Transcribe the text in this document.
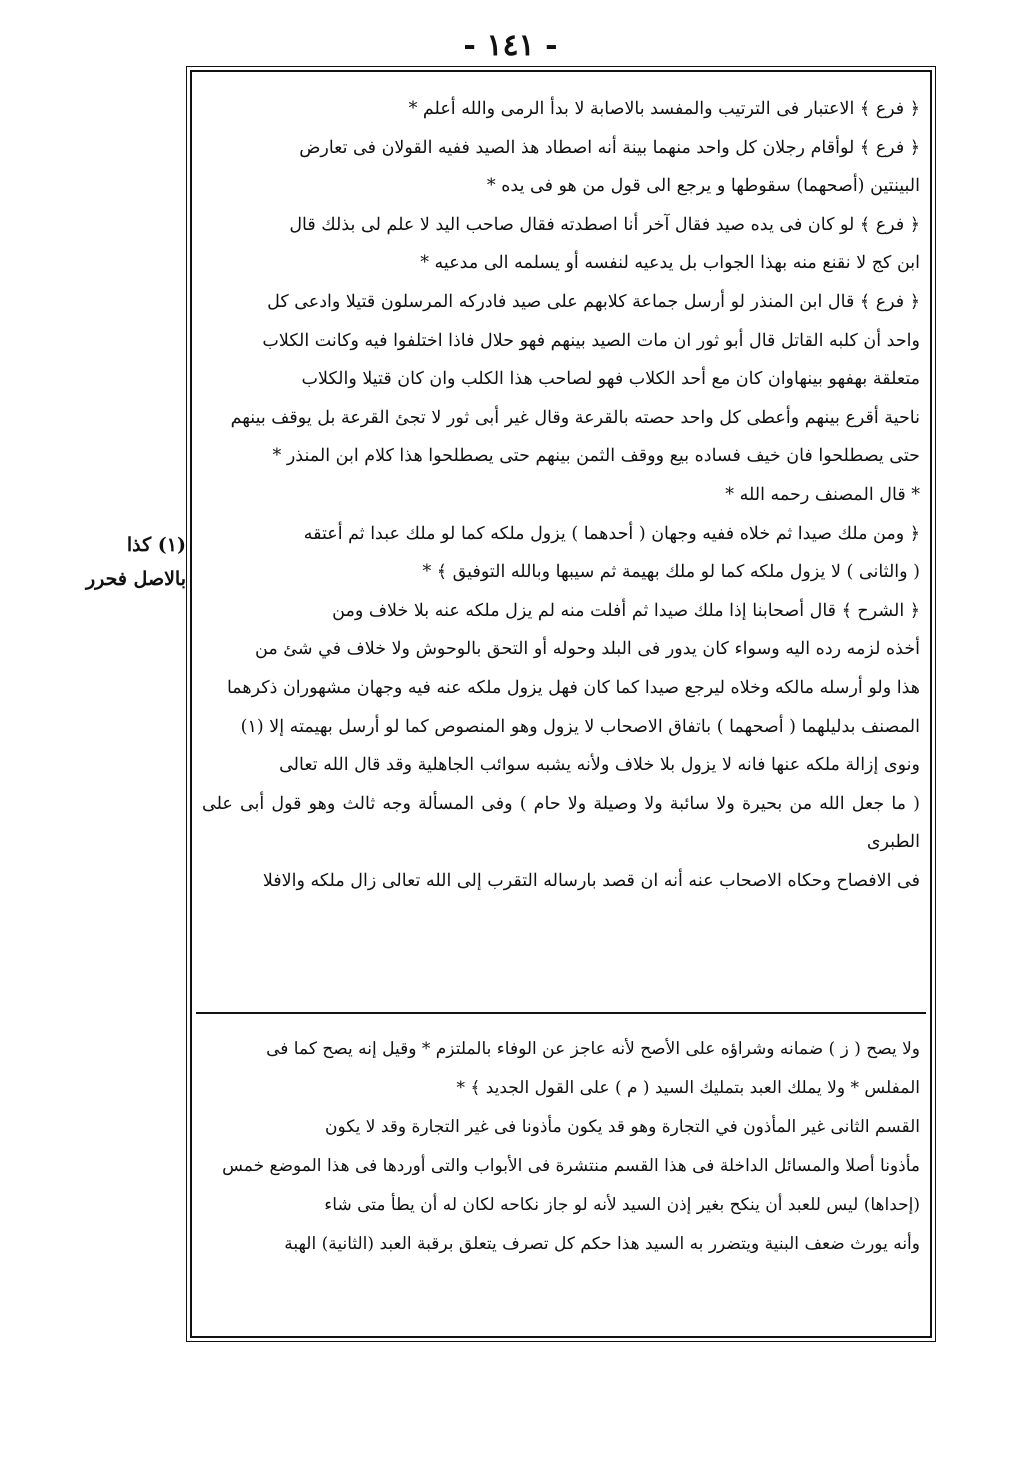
- ١٤١ -

(١) كذا

بالاصل فحرر

﴿ فرع ﴾ الاعتبار فى الترتيب والمفسد بالاصابة لا بدأ الرمى والله أعلم *

﴿ فرع ﴾ لوأقام رجلان كل واحد منهما بينة أنه اصطاد هذ الصيد ففيه القولان فى تعارض

البينتين (أصحهما) سقوطها و يرجع الى قول من هو فى يده *

﴿ فرع ﴾ لو كان فى يده صيد فقال آخر أنا اصطدته فقال صاحب اليد لا علم لى بذلك قال

ابن كج لا نقنع منه بهذا الجواب بل يدعيه لنفسه أو يسلمه الى مدعيه *

﴿ فرع ﴾ قال ابن المنذر لو أرسل جماعة كلابهم على صيد فادركه المرسلون قتيلا وادعى كل

واحد أن كلبه القاتل قال أبو ثور ان مات الصيد بينهم فهو حلال فاذا اختلفوا فيه وكانت الكلاب

متعلقة بهفهو بينهاوان كان مع أحد الكلاب فهو لصاحب هذا الكلب وان كان قتيلا والكلاب

ناحية أقرع بينهم وأعطى كل واحد حصته بالقرعة وقال غير أبى ثور لا تجئ القرعة بل يوقف بينهم

حتى يصطلحوا فان خيف فساده بيع ووقف الثمن بينهم حتى يصطلحوا هذا كلام ابن المنذر *

* قال المصنف رحمه الله *

﴿ ومن ملك صيدا ثم خلاه ففيه وجهان ( أحدهما ) يزول ملكه كما لو ملك عبدا ثم أعتقه

( والثانى ) لا يزول ملكه كما لو ملك بهيمة ثم سيبها وبالله التوفيق ﴾ *

﴿ الشرح ﴾ قال أصحابنا إذا ملك صيدا ثم أفلت منه لم يزل ملكه عنه بلا خلاف ومن

أخذه لزمه رده اليه وسواء كان يدور فى البلد وحوله أو التحق بالوحوش ولا خلاف في شئ من

هذا ولو أرسله مالكه وخلاه ليرجع صيدا كما كان فهل يزول ملكه عنه فيه وجهان مشهوران ذكرهما

المصنف بدليلهما ( أصحهما ) باتفاق الاصحاب لا يزول وهو المنصوص كما لو أرسل بهيمته إلا (١)

ونوى إزالة ملكه عنها فانه لا يزول بلا خلاف ولأنه يشبه سوائب الجاهلية وقد قال الله تعالى

( ما جعل الله من بحيرة ولا سائبة ولا وصيلة ولا حام ) وفى المسألة وجه ثالث وهو قول أبى على الطبرى

فى الافصاح وحكاه الاصحاب عنه أنه ان قصد بارساله التقرب إلى الله تعالى زال ملكه والافلا

ولا يصح ( ز ) ضمانه وشراؤه على الأصح لأنه عاجز عن الوفاء بالملتزم * وقيل إنه يصح كما فى

المفلس * ولا يملك العبد بتمليك السيد ( م ) على القول الجديد ﴾ *

القسم الثانى غير المأذون في التجارة وهو قد يكون مأذونا فى غير التجارة وقد لا يكون

مأذونا أصلا والمسائل الداخلة فى هذا القسم منتشرة فى الأبواب والتى أوردها فى هذا الموضع خمس

(إحداها) ليس للعبد أن ينكح بغير إذن السيد لأنه لو جاز نكاحه لكان له أن يطأ متى شاء

وأنه يورث ضعف البنية ويتضرر به السيد هذا حكم كل تصرف يتعلق برقبة العبد (الثانية) الهبة
